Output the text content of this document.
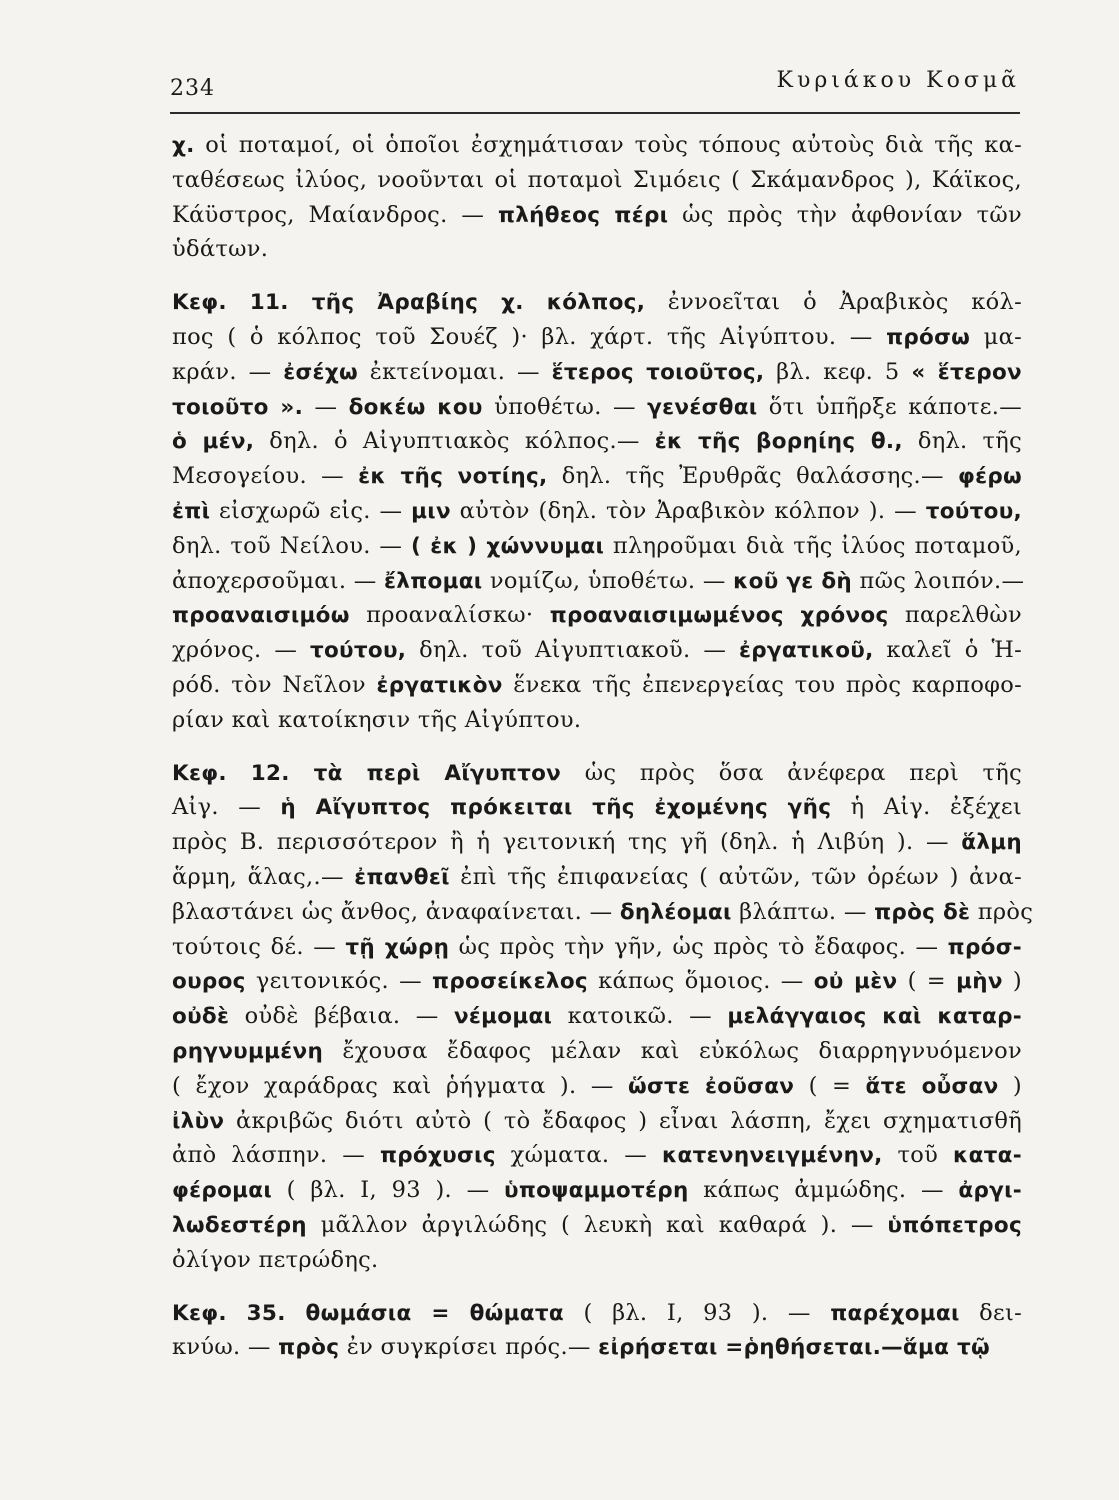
234	Κυριάκου Κοσμᾶ
χ. οἱ ποταμοί, οἱ ὁποῖοι ἐσχημάτισαν τοὺς τόπους αὐτοὺς διὰ τῆς κα-
ταθέσεως ἰλύος, νοοῦνται οἱ ποταμοὶ Σιμόεις ( Σκάμανδρος ), Κάϊκος,
Κάϋστρος, Μαίανδρος. — πλήθεος πέρι ὡς πρὸς τὴν ἀφθονίαν τῶν
ὑδάτων.
Κεφ. 11. τῆς Ἀραβίης χ. κόλπος, ἐννοεῖται ὁ Ἀραβικὸς κόλ-
πος ( ὁ κόλπος τοῦ Σουέζ )· βλ. χάρτ. τῆς Αἰγύπτου. — πρόσω μα-
κράν. — ἐσέχω ἐκτείνομαι. — ἕτερος τοιοῦτος, βλ. κεφ. 5 « ἕτερον
τοιοῦτο ». — δοκέω κου ὑποθέτω. — γενέσθαι ὅτι ὑπῆρξε κάποτε.—
ὁ μέν, δηλ. ὁ Αἰγυπτιακὸς κόλπος.— ἐκ τῆς βορηίης θ., δηλ. τῆς
Μεσογείου. — ἐκ τῆς νοτίης, δηλ. τῆς Ἐρυθρᾶς θαλάσσης.— φέρω
ἐπὶ εἰσχωρῶ εἰς. — μιν αὐτὸν (δηλ. τὸν Ἀραβικὸν κόλπον ). — τούτου,
δηλ. τοῦ Νείλου. — ( ἐκ ) χώννυμαι πληροῦμαι διὰ τῆς ἰλύος ποταμοῦ,
ἀποχερσοῦμαι. — ἔλπομαι νομίζω, ὑποθέτω. — κοῦ γε δὴ πῶς λοιπόν.—
προαναισιμόω προαναλίσκω· προαναισιμωμένος χρόνος παρελθὼν
χρόνος. — τούτου, δηλ. τοῦ Αἰγυπτιακοῦ. — ἐργατικοῦ, καλεῖ ὁ Ἡ-
ρόδ. τὸν Νεῖλον ἐργατικὸν ἕνεκα τῆς ἐπενεργείας του πρὸς καρποφο-
ρίαν καὶ κατοίκησιν τῆς Αἰγύπτου.
Κεφ. 12. τὰ περὶ Αἴγυπτον ὡς πρὸς ὅσα ἀνέφερα περὶ τῆς
Αἰγ. — ἡ Αἴγυπτος πρόκειται τῆς ἐχομένης γῆς ἡ Αἰγ. ἐξέχει
πρὸς Β. περισσότερον ἢ ἡ γειτονική της γῆ (δηλ. ἡ Λιβύη ). — ἅλμη
ἅρμη, ἅλας,.— ἐπανθεῖ ἐπὶ τῆς ἐπιφανείας ( αὐτῶν, τῶν ὀρέων ) ἀνα-
βλαστάνει ὡς ἄνθος, ἀναφαίνεται. — δηλέομαι βλάπτω. — πρὸς δὲ πρὸς
τούτοις δέ. — τῇ χώρῃ ὡς πρὸς τὴν γῆν, ὡς πρὸς τὸ ἔδαφος. — πρόσ-
ουρος γειτονικός. — προσείκελος κάπως ὅμοιος. — οὐ μὲν ( = μὴν )
οὐδὲ οὐδὲ βέβαια. — νέμομαι κατοικῶ. — μελάγγαιος καὶ καταρ-
ρηγνυμμένη ἔχουσα ἔδαφος μέλαν καὶ εὐκόλως διαρρηγνυόμενον
( ἔχον χαράδρας καὶ ῥήγματα ). — ὥστε ἐοῦσαν ( = ἅτε οὖσαν )
ἰλὺν ἀκριβῶς διότι αὐτὸ ( τὸ ἔδαφος ) εἶναι λάσπη, ἔχει σχηματισθῆ
ἀπὸ λάσπην. — πρόχυσις χώματα. — κατενηνειγμένην, τοῦ κατα-
φέρομαι ( βλ. I, 93 ). — ὑποψαμμοτέρη κάπως ἀμμώδης. — ἀργι-
λωδεστέρη μᾶλλον ἀργιλώδης ( λευκὴ καὶ καθαρά ). — ὑπόπετρος
ὀλίγον πετρώδης.
Κεφ. 35. θωμάσια = θώματα ( βλ. I, 93 ). — παρέχομαι δει-
κνύω. — πρὸς ἐν συγκρίσει πρός.— εἰρήσεται =ῥηθήσεται.—ἅμα τῷ
